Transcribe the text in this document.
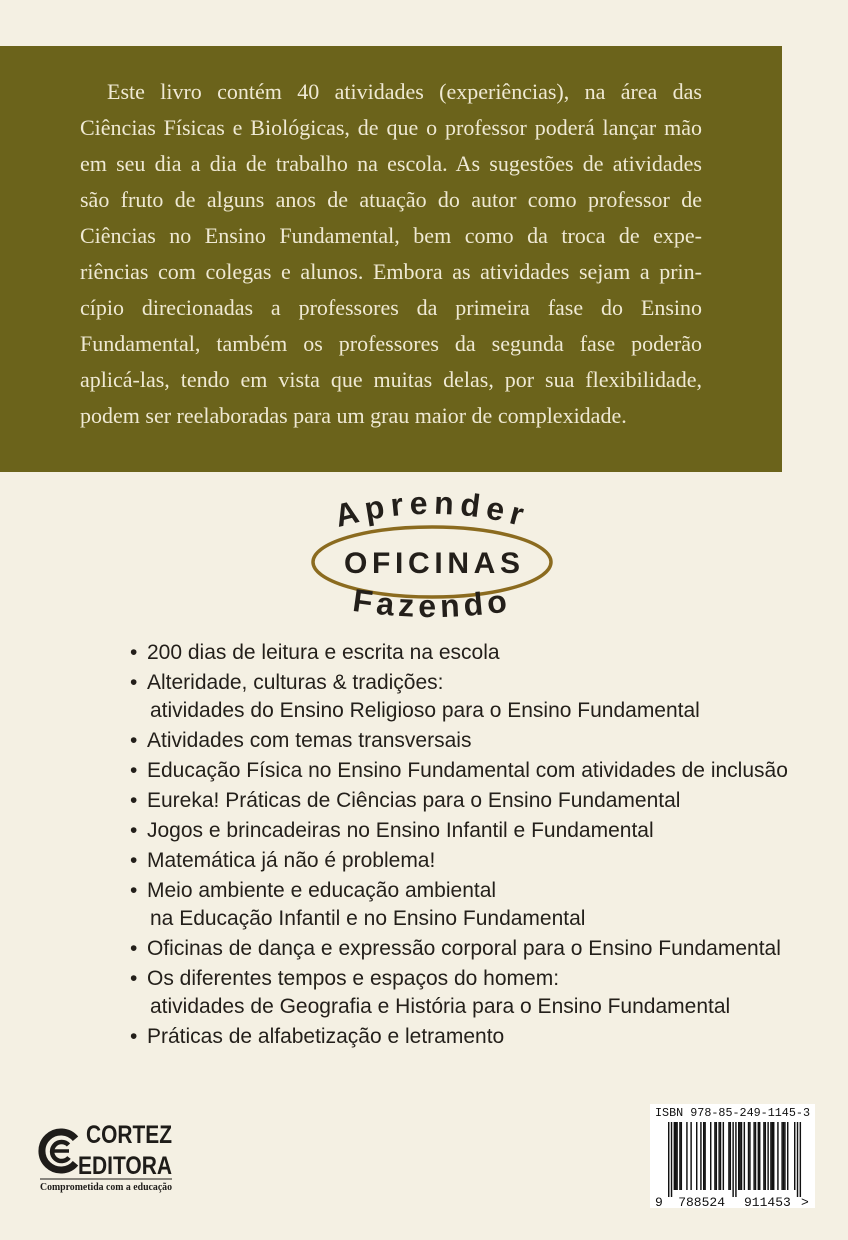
Este livro contém 40 atividades (experiências), na área das
Ciências Físicas e Biológicas, de que o professor poderá lançar mão
em seu dia a dia de trabalho na escola. As sugestões de atividades
são fruto de alguns anos de atuação do autor como professor de
Ciências no Ensino Fundamental, bem como da troca de expe-
riências com colegas e alunos. Embora as atividades sejam a prin-
cípio direcionadas a professores da primeira fase do Ensino
Fundamental, também os professores da segunda fase poderão
aplicá-las, tendo em vista que muitas delas, por sua flexibilidade,
podem ser reelaboradas para um grau maior de complexidade.
Aprender
OFICINAS
Fazendo
• 200 dias de leitura e escrita na escola
• Alteridade, culturas & tradições:
atividades do Ensino Religioso para o Ensino Fundamental
• Atividades com temas transversais
• Educação Física no Ensino Fundamental com atividades de inclusão
• Eureka! Práticas de Ciências para o Ensino Fundamental
• Jogos e brincadeiras no Ensino Infantil e Fundamental
• Matemática já não é problema!
• Meio ambiente e educação ambiental
na Educação Infantil e no Ensino Fundamental
• Oficinas de dança e expressão corporal para o Ensino Fundamental
• Os diferentes tempos e espaços do homem:
atividades de Geografia e História para o Ensino Fundamental
• Práticas de alfabetização e letramento
CORTEZ
EDITORA
Comprometida com a educação
ISBN 978-85-249-1145-3
9 788524 911453 >
